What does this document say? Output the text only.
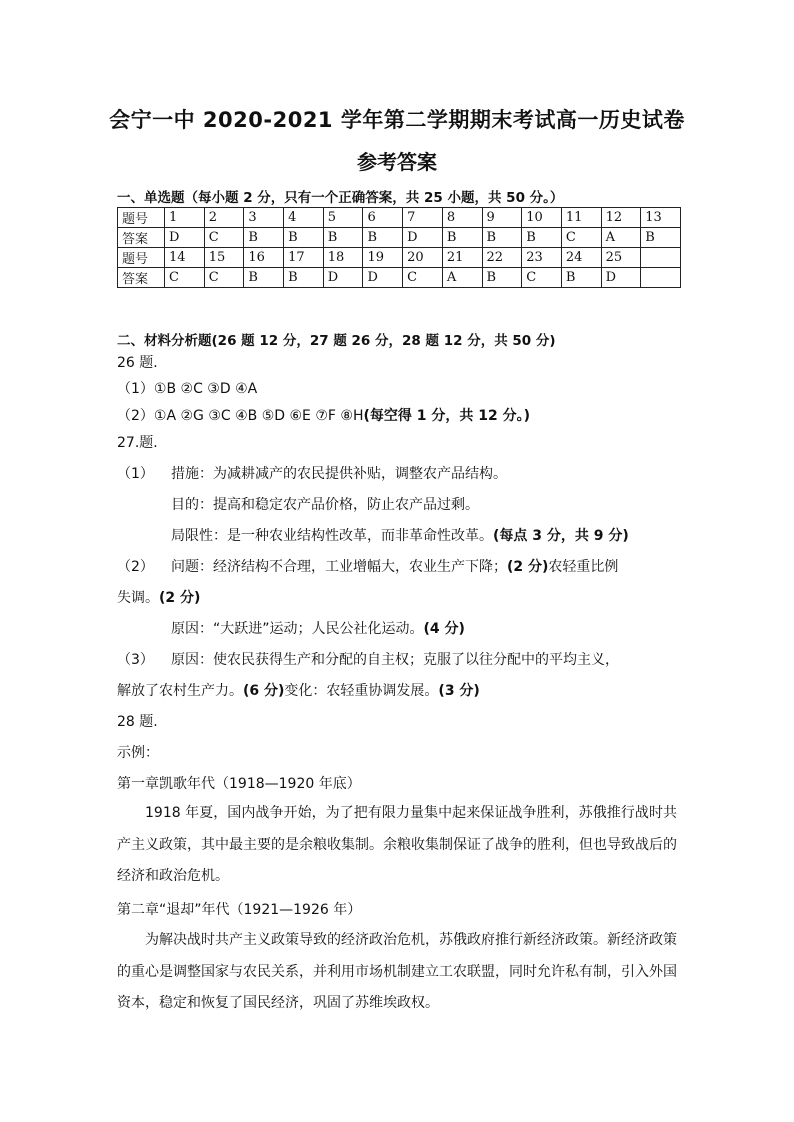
会宁一中 2020-2021 学年第二学期期末考试高一历史试卷
参考答案
一、单选题（每小题 2 分，只有一个正确答案，共 25 小题，共 50 分。）
题号	1	2	3	4	5	6	7	8	9	10	11	12	13
答案	D	C	B	B	B	B	D	B	B	B	C	A	B
题号	14	15	16	17	18	19	20	21	22	23	24	25	
答案	C	C	B	B	D	D	C	A	B	C	B	D	
二、材料分析题(26 题 12 分，27 题 26 分，28 题 12 分，共 50 分)
26 题.
（1）①B ②C ③D ④A
（2）①A ②G ③C ④B ⑤D ⑥E ⑦F ⑧H(每空得 1 分，共 12 分。)
27.题.
（1） 措施：为减耕减产的农民提供补贴，调整农产品结构。
目的：提高和稳定农产品价格，防止农产品过剩。
局限性：是一种农业结构性改革，而非革命性改革。(每点 3 分，共 9 分)
（2） 问题：经济结构不合理，工业增幅大，农业生产下降；(2 分)农轻重比例
失调。(2 分)
原因：“大跃进”运动；人民公社化运动。(4 分)
（3） 原因：使农民获得生产和分配的自主权；克服了以往分配中的平均主义，
解放了农村生产力。(6 分)变化：农轻重协调发展。(3 分)
28 题.
示例：
第一章凯歌年代（1918—1920 年底）
1918 年夏，国内战争开始，为了把有限力量集中起来保证战争胜利，苏俄推行战时共产主义政策，其中最主要的是余粮收集制。余粮收集制保证了战争的胜利，但也导致战后的经济和政治危机。
第二章“退却”年代（1921—1926 年）
为解决战时共产主义政策导致的经济政治危机，苏俄政府推行新经济政策。新经济政策的重心是调整国家与农民关系，并利用市场机制建立工农联盟，同时允许私有制，引入外国资本，稳定和恢复了国民经济，巩固了苏维埃政权。
